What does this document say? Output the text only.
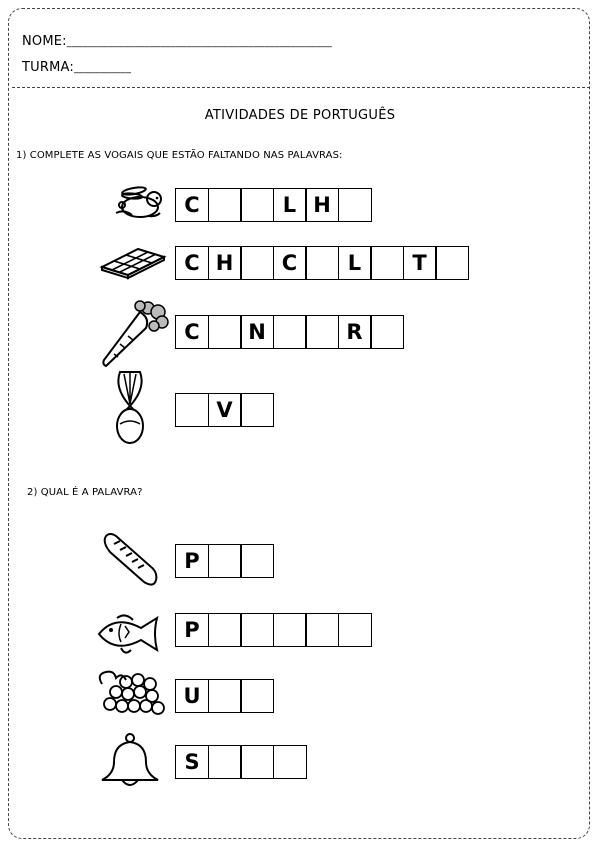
NOME:___________________________________________________
TURMA:___________
ATIVIDADES DE PORTUGUÊS
1) COMPLETE AS VOGAIS QUE ESTÃO FALTANDO NAS PALAVRAS:
C	L H
C H	C	L	T
C	N	R
V
2) QUAL É A PALAVRA?
P
P
U
S
